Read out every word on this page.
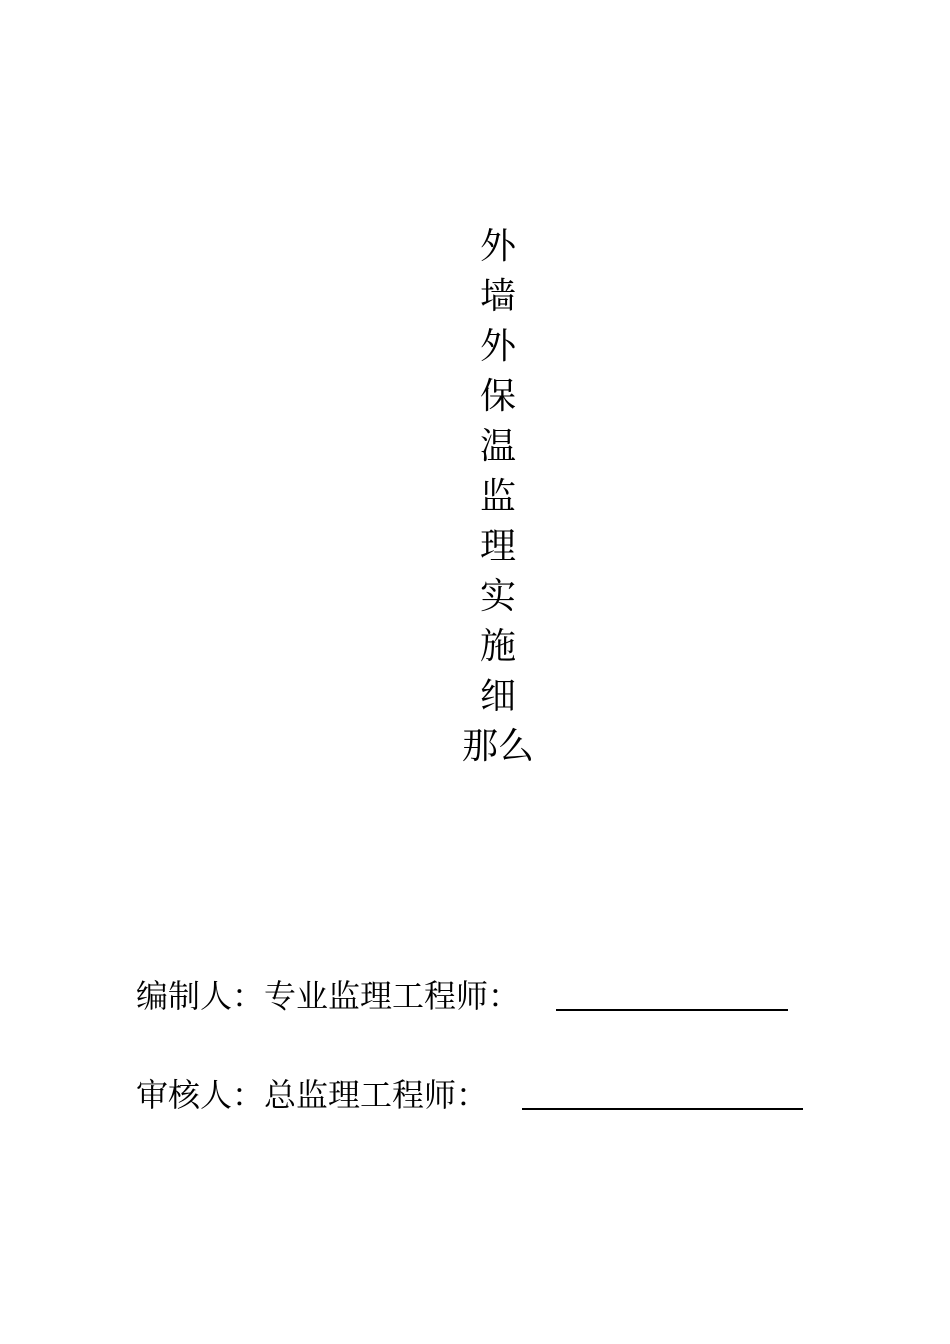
外
墙
外
保
温
监
理
实
施
细
那么
编制人：专业监理工程师：
审核人：总监理工程师：
